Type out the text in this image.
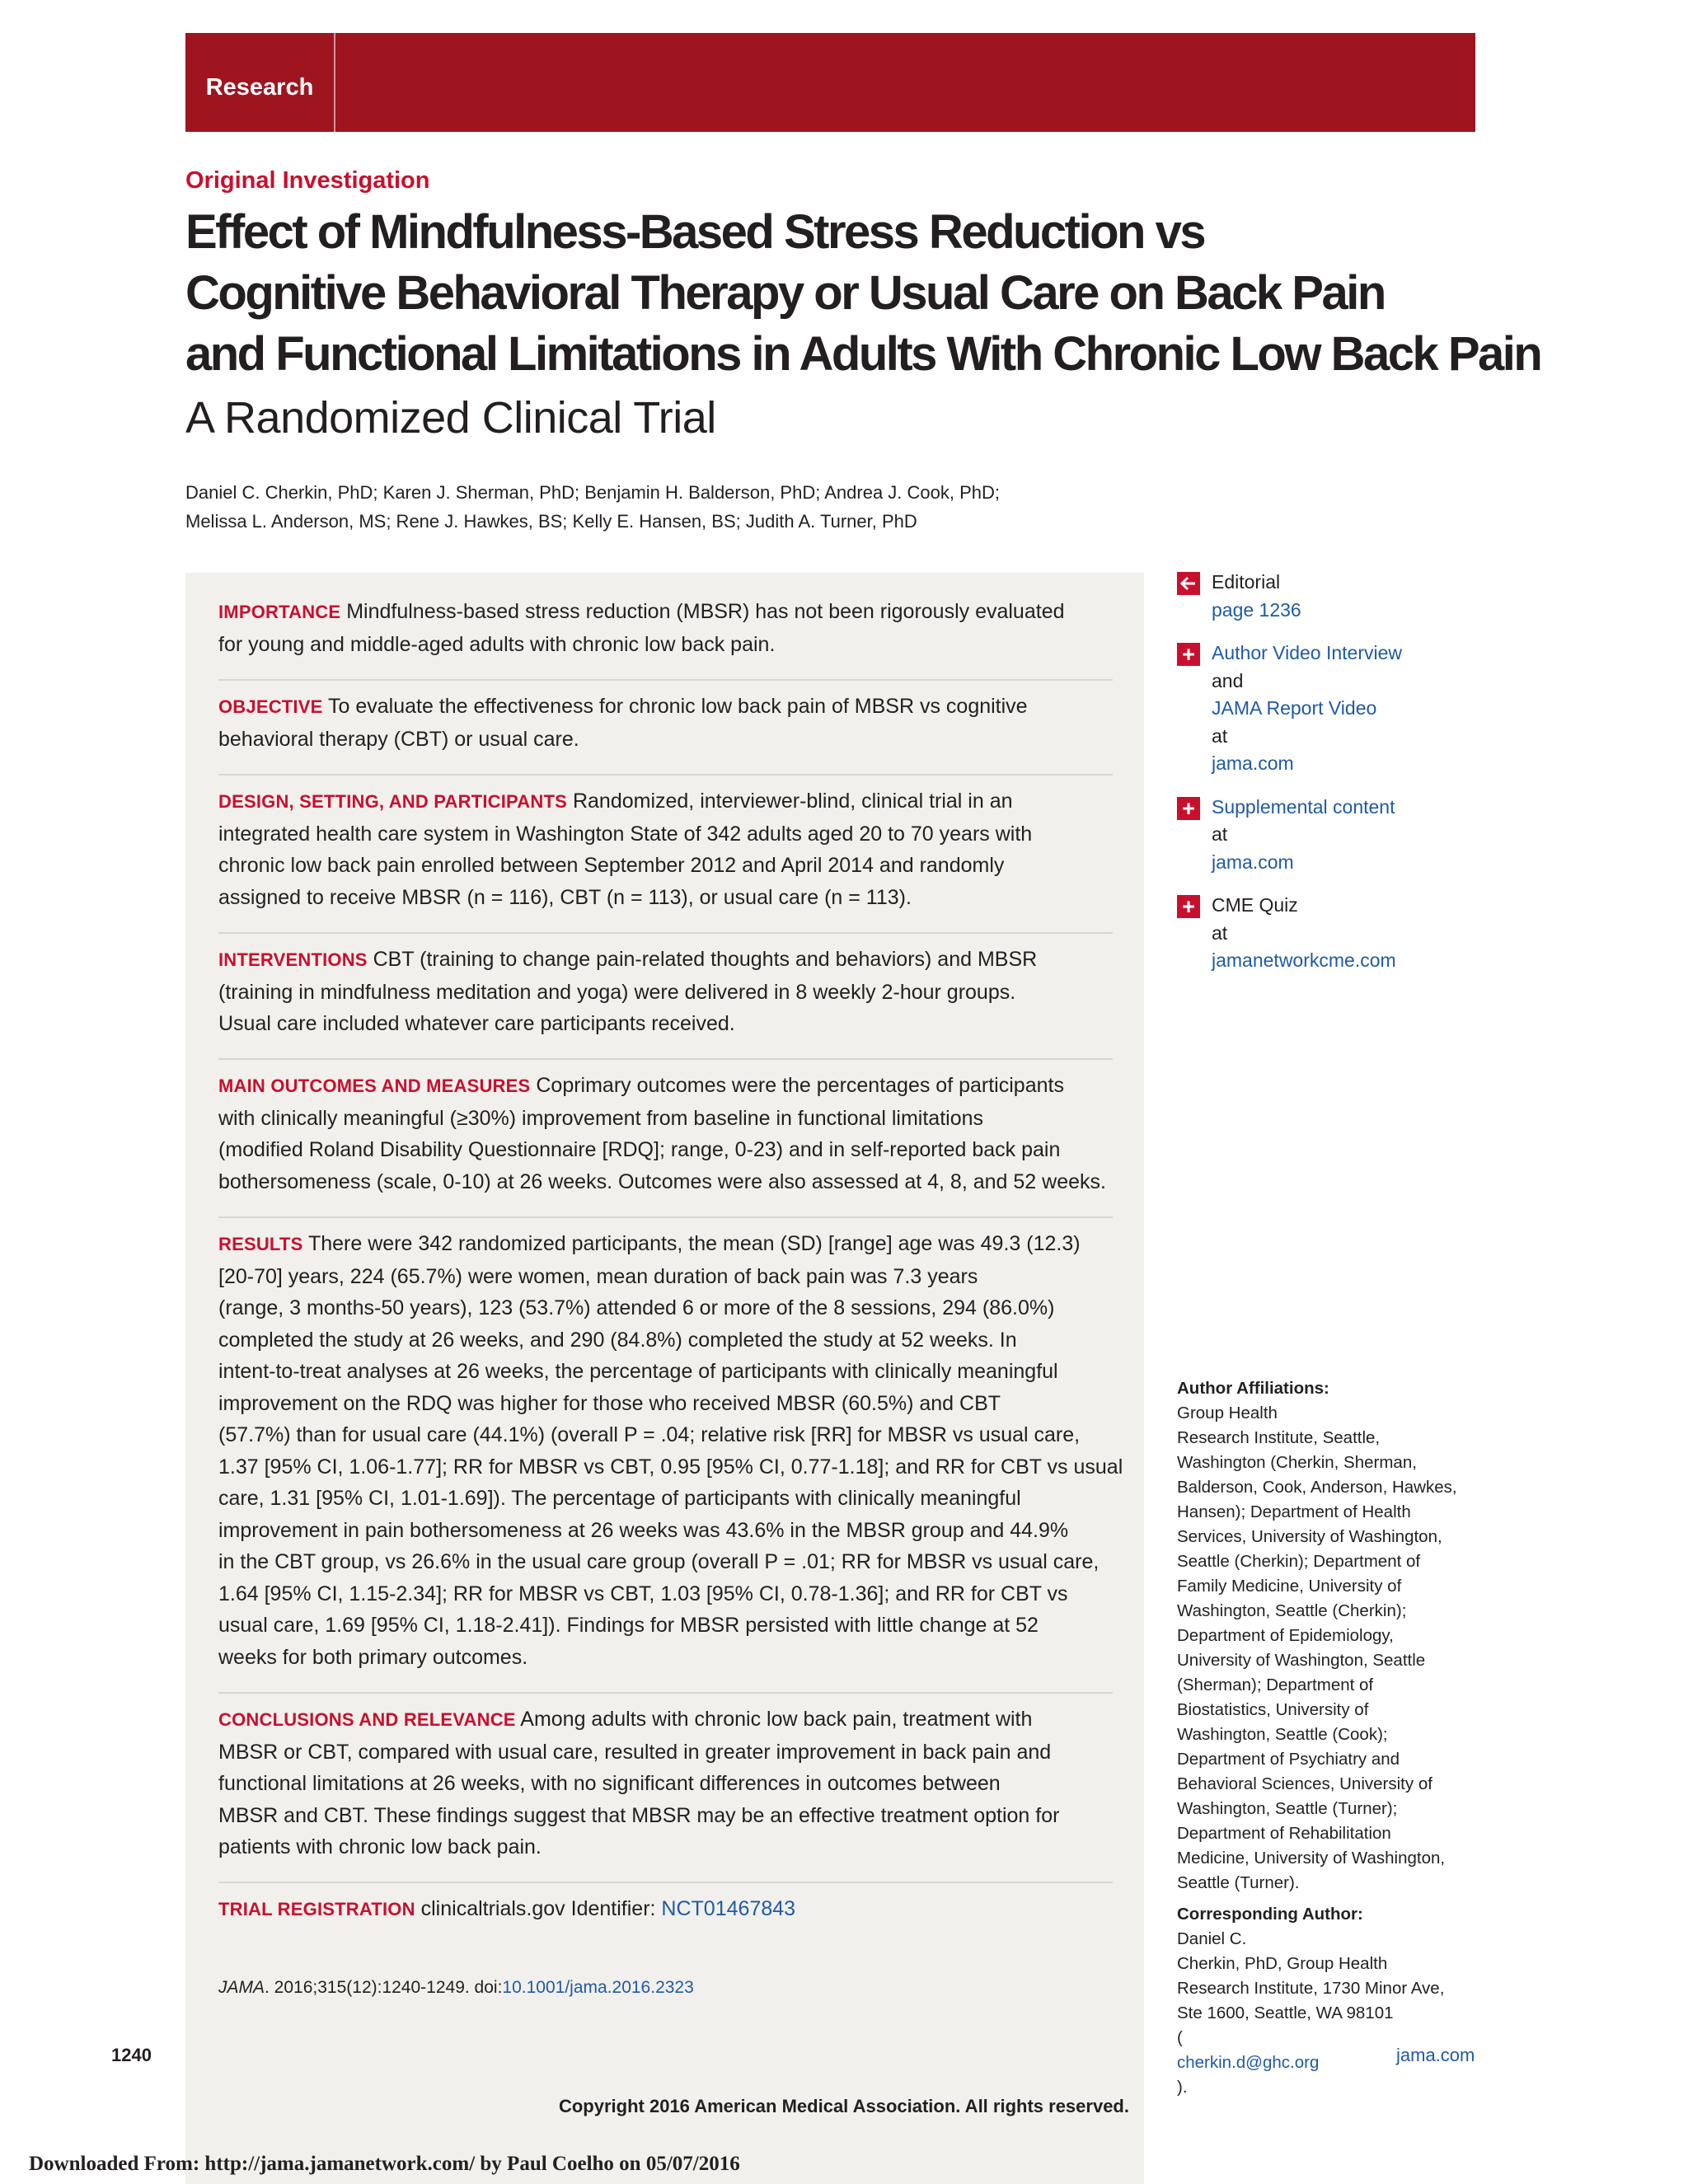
Research
Original Investigation
Effect of Mindfulness-Based Stress Reduction vs
Cognitive Behavioral Therapy or Usual Care on Back Pain
and Functional Limitations in Adults With Chronic Low Back Pain
A Randomized Clinical Trial
Daniel C. Cherkin, PhD; Karen J. Sherman, PhD; Benjamin H. Balderson, PhD; Andrea J. Cook, PhD;
Melissa L. Anderson, MS; Rene J. Hawkes, BS; Kelly E. Hansen, BS; Judith A. Turner, PhD
IMPORTANCE Mindfulness-based stress reduction (MBSR) has not been rigorously evaluated
for young and middle-aged adults with chronic low back pain.
OBJECTIVE To evaluate the effectiveness for chronic low back pain of MBSR vs cognitive
behavioral therapy (CBT) or usual care.
DESIGN, SETTING, AND PARTICIPANTS Randomized, interviewer-blind, clinical trial in an
integrated health care system in Washington State of 342 adults aged 20 to 70 years with
chronic low back pain enrolled between September 2012 and April 2014 and randomly
assigned to receive MBSR (n = 116), CBT (n = 113), or usual care (n = 113).
INTERVENTIONS CBT (training to change pain-related thoughts and behaviors) and MBSR
(training in mindfulness meditation and yoga) were delivered in 8 weekly 2-hour groups.
Usual care included whatever care participants received.
MAIN OUTCOMES AND MEASURES Coprimary outcomes were the percentages of participants
with clinically meaningful (≥30%) improvement from baseline in functional limitations
(modified Roland Disability Questionnaire [RDQ]; range, 0-23) and in self-reported back pain
bothersomeness (scale, 0-10) at 26 weeks. Outcomes were also assessed at 4, 8, and 52 weeks.
RESULTS There were 342 randomized participants, the mean (SD) [range] age was 49.3 (12.3)
[20-70] years, 224 (65.7%) were women, mean duration of back pain was 7.3 years
(range, 3 months-50 years), 123 (53.7%) attended 6 or more of the 8 sessions, 294 (86.0%)
completed the study at 26 weeks, and 290 (84.8%) completed the study at 52 weeks. In
intent-to-treat analyses at 26 weeks, the percentage of participants with clinically meaningful
improvement on the RDQ was higher for those who received MBSR (60.5%) and CBT
(57.7%) than for usual care (44.1%) (overall P = .04; relative risk [RR] for MBSR vs usual care,
1.37 [95% CI, 1.06-1.77]; RR for MBSR vs CBT, 0.95 [95% CI, 0.77-1.18]; and RR for CBT vs usual
care, 1.31 [95% CI, 1.01-1.69]). The percentage of participants with clinically meaningful
improvement in pain bothersomeness at 26 weeks was 43.6% in the MBSR group and 44.9%
in the CBT group, vs 26.6% in the usual care group (overall P = .01; RR for MBSR vs usual care,
1.64 [95% CI, 1.15-2.34]; RR for MBSR vs CBT, 1.03 [95% CI, 0.78-1.36]; and RR for CBT vs
usual care, 1.69 [95% CI, 1.18-2.41]). Findings for MBSR persisted with little change at 52
weeks for both primary outcomes.
CONCLUSIONS AND RELEVANCE Among adults with chronic low back pain, treatment with
MBSR or CBT, compared with usual care, resulted in greater improvement in back pain and
functional limitations at 26 weeks, with no significant differences in outcomes between
MBSR and CBT. These findings suggest that MBSR may be an effective treatment option for
patients with chronic low back pain.
TRIAL REGISTRATION clinicaltrials.gov Identifier: NCT01467843
JAMA. 2016;315(12):1240-1249. doi:10.1001/jama.2016.2323
Editorial
page 1236
+ Author Video Interview
and
JAMA Report Video
at
jama.com
+ Supplemental content
at
jama.com
+ CME Quiz
at
jamanetworkcme.com
Author Affiliations:
Group Health
Research Institute, Seattle,
Washington (Cherkin, Sherman,
Balderson, Cook, Anderson, Hawkes,
Hansen); Department of Health
Services, University of Washington,
Seattle (Cherkin); Department of
Family Medicine, University of
Washington, Seattle (Cherkin);
Department of Epidemiology,
University of Washington, Seattle
(Sherman); Department of
Biostatistics, University of
Washington, Seattle (Cook);
Department of Psychiatry and
Behavioral Sciences, University of
Washington, Seattle (Turner);
Department of Rehabilitation
Medicine, University of Washington,
Seattle (Turner).
Corresponding Author:
Daniel C.
Cherkin, PhD, Group Health
Research Institute, 1730 Minor Ave,
Ste 1600, Seattle, WA 98101
(
cherkin.d@ghc.org
).
1240	jama.com
Copyright 2016 American Medical Association. All rights reserved.
Downloaded From: http://jama.jamanetwork.com/ by Paul Coelho on 05/07/2016
